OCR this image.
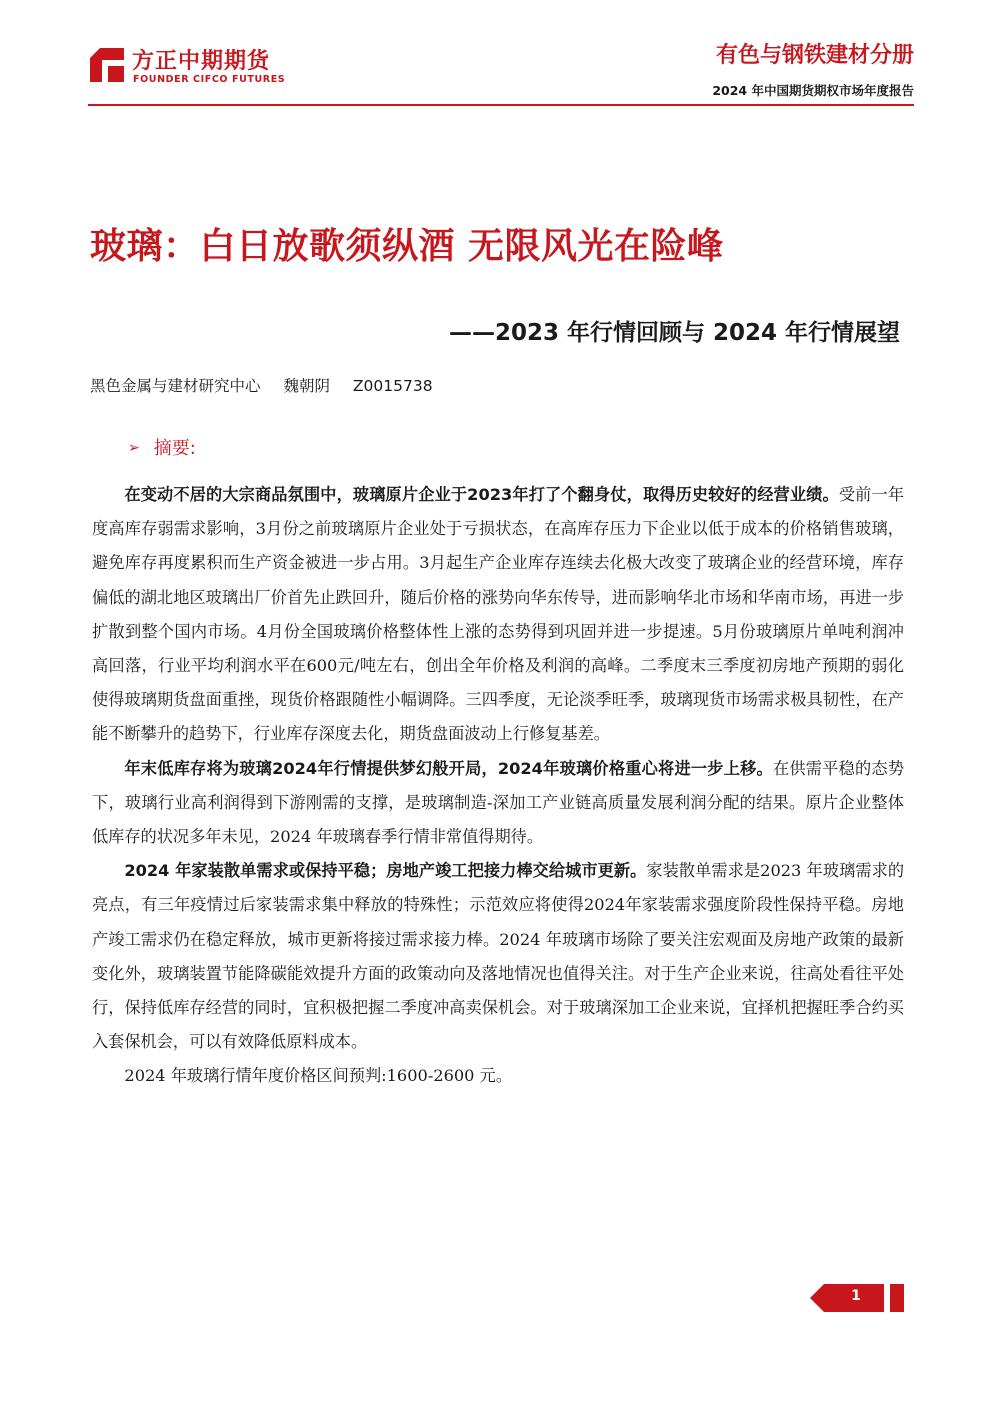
方正中期期货
FOUNDER CIFCO FUTURES
有色与钢铁建材分册
2024 年中国期货期权市场年度报告
玻璃：白日放歌须纵酒 无限风光在险峰
——2023 年行情回顾与 2024 年行情展望
黑色金属与建材研究中心 魏朝阴 Z0015738
➢ 摘要:

在变动不居的大宗商品氛围中，玻璃原片企业于2023年打了个翻身仗，取得历史较好的经营业绩。受前一年度高库存弱需求影响，3月份之前玻璃原片企业处于亏损状态，在高库存压力下企业以低于成本的价格销售玻璃，避免库存再度累积而生产资金被进一步占用。3月起生产企业库存连续去化极大改变了玻璃企业的经营环境，库存偏低的湖北地区玻璃出厂价首先止跌回升，随后价格的涨势向华东传导，进而影响华北市场和华南市场，再进一步扩散到整个国内市场。4月份全国玻璃价格整体性上涨的态势得到巩固并进一步提速。5月份玻璃原片单吨利润冲高回落，行业平均利润水平在600元/吨左右，创出全年价格及利润的高峰。二季度末三季度初房地产预期的弱化使得玻璃期货盘面重挫，现货价格跟随性小幅调降。三四季度，无论淡季旺季，玻璃现货市场需求极具韧性，在产能不断攀升的趋势下，行业库存深度去化，期货盘面波动上行修复基差。

年末低库存将为玻璃2024年行情提供梦幻般开局，2024年玻璃价格重心将进一步上移。在供需平稳的态势下，玻璃行业高利润得到下游刚需的支撑，是玻璃制造-深加工产业链高质量发展利润分配的结果。原片企业整体低库存的状况多年未见，2024 年玻璃春季行情非常值得期待。

2024 年家装散单需求或保持平稳；房地产竣工把接力棒交给城市更新。家装散单需求是2023 年玻璃需求的亮点，有三年疫情过后家装需求集中释放的特殊性；示范效应将使得2024年家装需求强度阶段性保持平稳。房地产竣工需求仍在稳定释放，城市更新将接过需求接力棒。2024 年玻璃市场除了要关注宏观面及房地产政策的最新变化外，玻璃装置节能降碳能效提升方面的政策动向及落地情况也值得关注。对于生产企业来说，往高处看往平处行，保持低库存经营的同时，宜积极把握二季度冲高卖保机会。对于玻璃深加工企业来说，宜择机把握旺季合约买入套保机会，可以有效降低原料成本。

2024 年玻璃行情年度价格区间预判:1600-2600 元。

1
